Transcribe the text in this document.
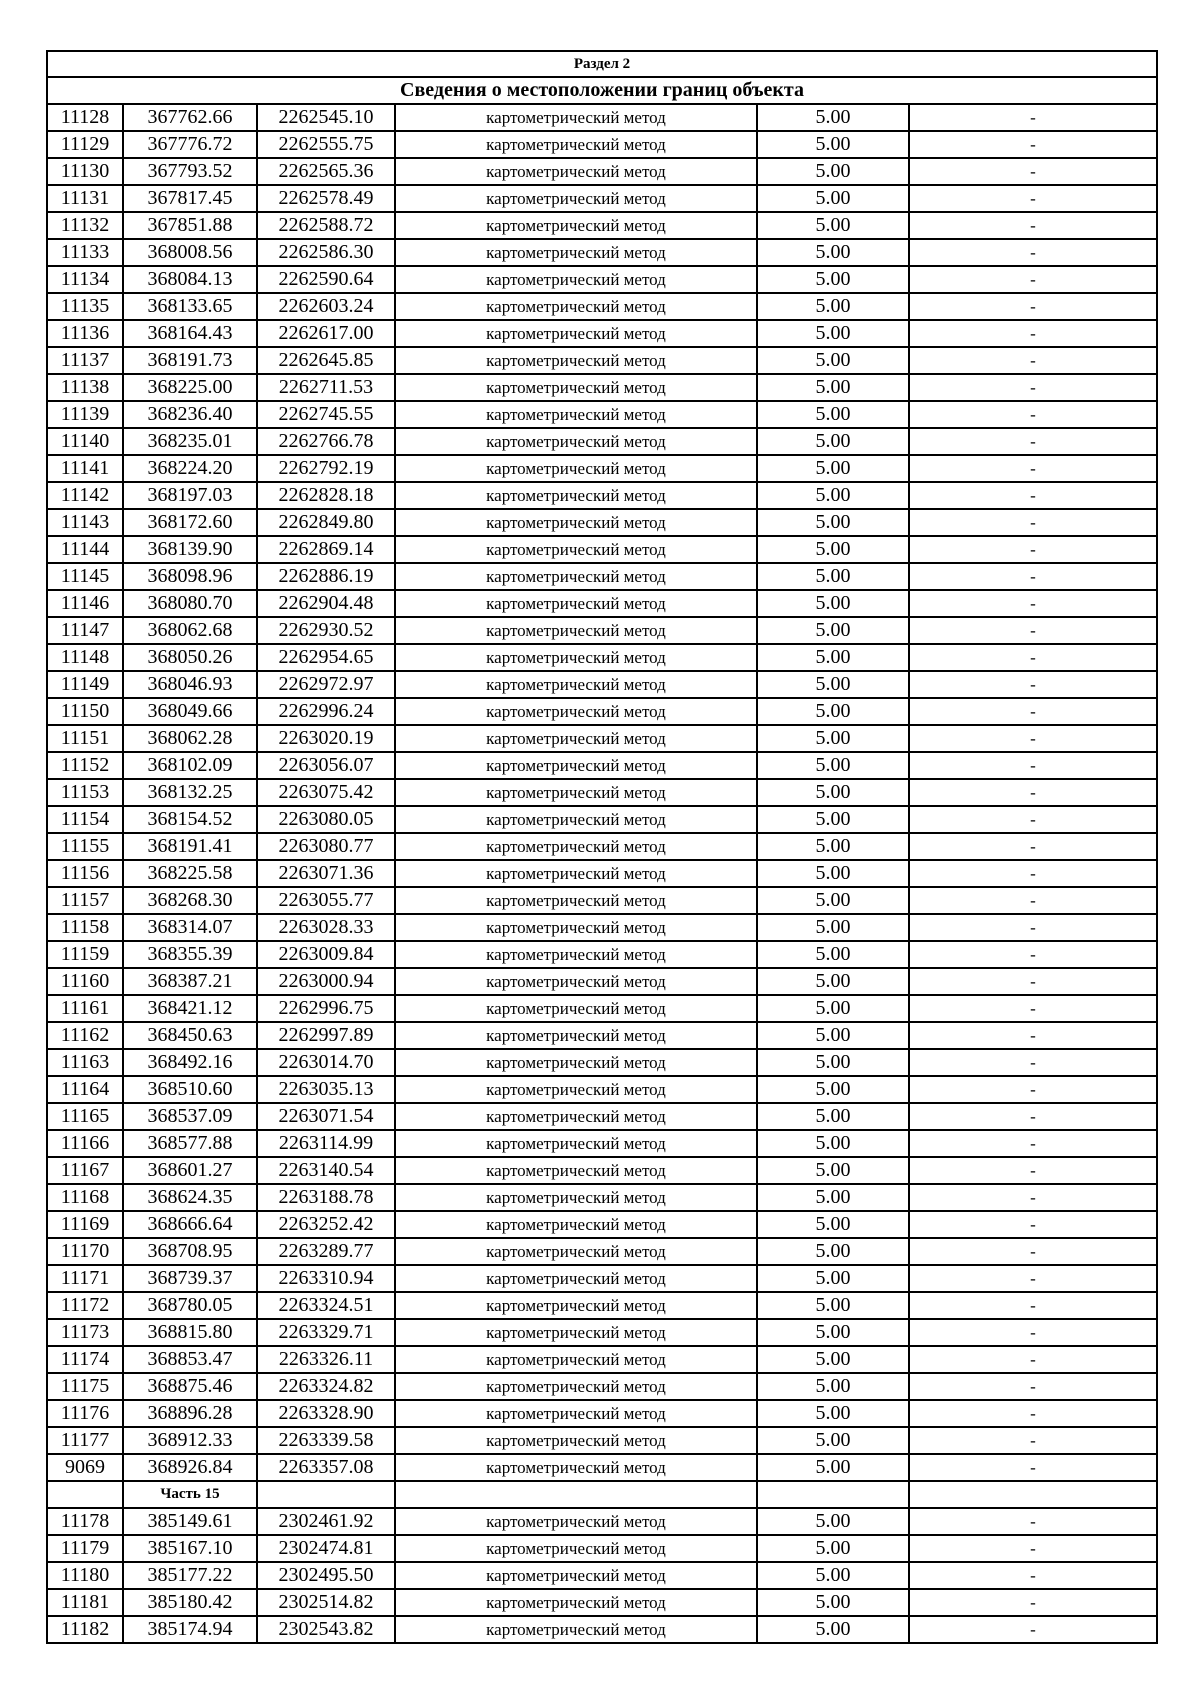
Раздел 2					
Сведения о местоположении границ объекта					
11128	367762.66	2262545.10	картометрический метод	5.00	-
11129	367776.72	2262555.75	картометрический метод	5.00	-
11130	367793.52	2262565.36	картометрический метод	5.00	-
11131	367817.45	2262578.49	картометрический метод	5.00	-
11132	367851.88	2262588.72	картометрический метод	5.00	-
11133	368008.56	2262586.30	картометрический метод	5.00	-
11134	368084.13	2262590.64	картометрический метод	5.00	-
11135	368133.65	2262603.24	картометрический метод	5.00	-
11136	368164.43	2262617.00	картометрический метод	5.00	-
11137	368191.73	2262645.85	картометрический метод	5.00	-
11138	368225.00	2262711.53	картометрический метод	5.00	-
11139	368236.40	2262745.55	картометрический метод	5.00	-
11140	368235.01	2262766.78	картометрический метод	5.00	-
11141	368224.20	2262792.19	картометрический метод	5.00	-
11142	368197.03	2262828.18	картометрический метод	5.00	-
11143	368172.60	2262849.80	картометрический метод	5.00	-
11144	368139.90	2262869.14	картометрический метод	5.00	-
11145	368098.96	2262886.19	картометрический метод	5.00	-
11146	368080.70	2262904.48	картометрический метод	5.00	-
11147	368062.68	2262930.52	картометрический метод	5.00	-
11148	368050.26	2262954.65	картометрический метод	5.00	-
11149	368046.93	2262972.97	картометрический метод	5.00	-
11150	368049.66	2262996.24	картометрический метод	5.00	-
11151	368062.28	2263020.19	картометрический метод	5.00	-
11152	368102.09	2263056.07	картометрический метод	5.00	-
11153	368132.25	2263075.42	картометрический метод	5.00	-
11154	368154.52	2263080.05	картометрический метод	5.00	-
11155	368191.41	2263080.77	картометрический метод	5.00	-
11156	368225.58	2263071.36	картометрический метод	5.00	-
11157	368268.30	2263055.77	картометрический метод	5.00	-
11158	368314.07	2263028.33	картометрический метод	5.00	-
11159	368355.39	2263009.84	картометрический метод	5.00	-
11160	368387.21	2263000.94	картометрический метод	5.00	-
11161	368421.12	2262996.75	картометрический метод	5.00	-
11162	368450.63	2262997.89	картометрический метод	5.00	-
11163	368492.16	2263014.70	картометрический метод	5.00	-
11164	368510.60	2263035.13	картометрический метод	5.00	-
11165	368537.09	2263071.54	картометрический метод	5.00	-
11166	368577.88	2263114.99	картометрический метод	5.00	-
11167	368601.27	2263140.54	картометрический метод	5.00	-
11168	368624.35	2263188.78	картометрический метод	5.00	-
11169	368666.64	2263252.42	картометрический метод	5.00	-
11170	368708.95	2263289.77	картометрический метод	5.00	-
11171	368739.37	2263310.94	картометрический метод	5.00	-
11172	368780.05	2263324.51	картометрический метод	5.00	-
11173	368815.80	2263329.71	картометрический метод	5.00	-
11174	368853.47	2263326.11	картометрический метод	5.00	-
11175	368875.46	2263324.82	картометрический метод	5.00	-
11176	368896.28	2263328.90	картометрический метод	5.00	-
11177	368912.33	2263339.58	картометрический метод	5.00	-
9069	368926.84	2263357.08	картометрический метод	5.00	-
	Часть 15				
11178	385149.61	2302461.92	картометрический метод	5.00	-
11179	385167.10	2302474.81	картометрический метод	5.00	-
11180	385177.22	2302495.50	картометрический метод	5.00	-
11181	385180.42	2302514.82	картометрический метод	5.00	-
11182	385174.94	2302543.82	картометрический метод	5.00	-
